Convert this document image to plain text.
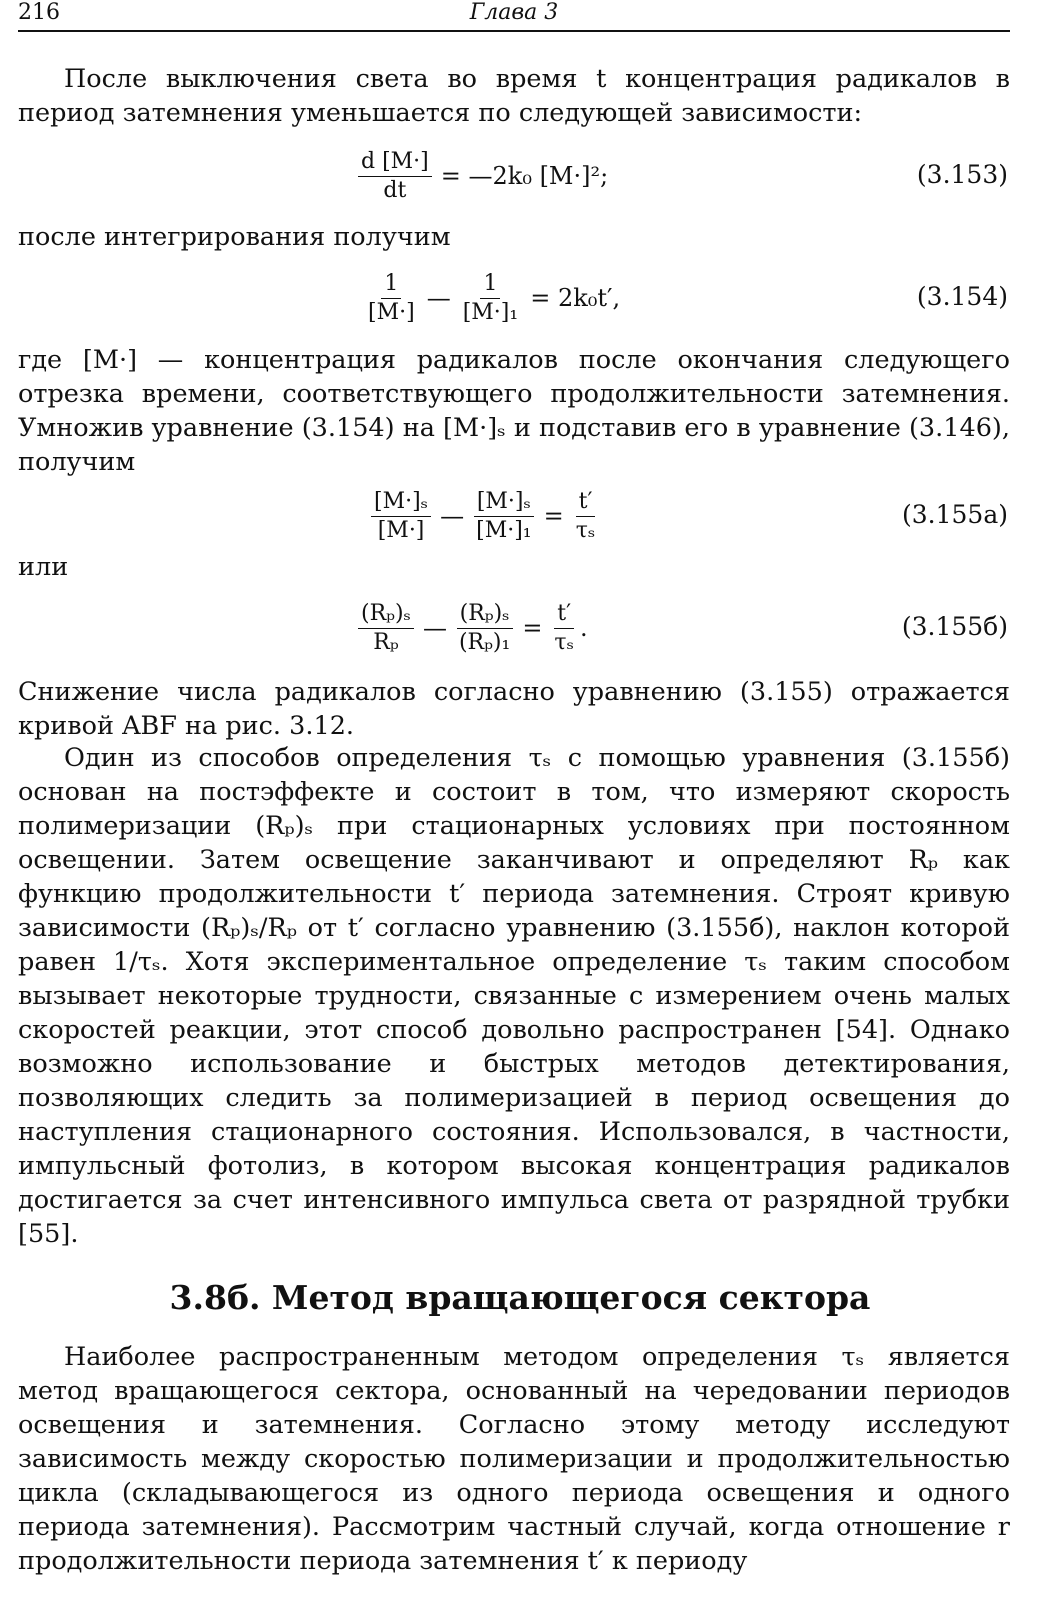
216	Глава 3
После выключения света во время t концентрация радикалов в период затемнения уменьшается по следующей зависимости:
$\frac{d [M\cdot]}{dt}$ = —2k₀ [M·]²;	(3.153)
после интегрирования получим
$\frac{1}{[M\cdot]}$ — $\frac{1}{\text{[M·]₁}} = 2k_0t'$,	(3.154)
где [M·] — концентрация радикалов после окончания следующего отрезка времени, соответствующего продолжительности затемнения. Умножив уравнение (3.154) на [M·]ₛ и подставив его в уравнение (3.146), получим
$\frac{\text{[M·]ₛ}}{[M\cdot]}$ — $\frac{\text{[M·]ₛ}}{\text{[M·]₁}} = \frac{t'}{\text{τₛ}}$	(3.155а)
или
$\frac{\text{(Rₚ)ₛ}}{\text{Rₚ}}$ — $\frac{\text{(Rₚ)ₛ}}{\text{(Rₚ)₁}} = \frac{t'}{\text{τₛ}}$ .	(3.155б)
Снижение числа радикалов согласно уравнению (3.155) отражается кривой ABF на рис. 3.12.
Один из способов определения τₛ с помощью уравнения (3.155б) основан на постэффекте и состоит в том, что измеряют скорость полимеризации (Rₚ)ₛ при стационарных условиях при постоянном освещении. Затем освещение заканчивают и определяют Rₚ как функцию продолжительности t′ периода затемнения. Строят кривую зависимости (Rₚ)ₛ/Rₚ от t′ согласно уравнению (3.155б), наклон которой равен 1/τₛ. Хотя экспериментальное определение τₛ таким способом вызывает некоторые трудности, связанные с измерением очень малых скоростей реакции, этот способ довольно распространен [54]. Однако возможно использование и быстрых методов детектирования, позволяющих следить за полимеризацией в период освещения до наступления стационарного состояния. Использовался, в частности, импульсный фотолиз, в котором высокая концентрация радикалов достигается за счет интенсивного импульса света от разрядной трубки [55].
3.8б. Метод вращающегося сектора
Наиболее распространенным методом определения τₛ является метод вращающегося сектора, основанный на чередовании периодов освещения и затемнения. Согласно этому методу исследуют зависимость между скоростью полимеризации и продолжительностью цикла (складывающегося из одного периода освещения и одного периода затемнения). Рассмотрим частный случай, когда отношение r продолжительности периода затемнения t′ к периоду
